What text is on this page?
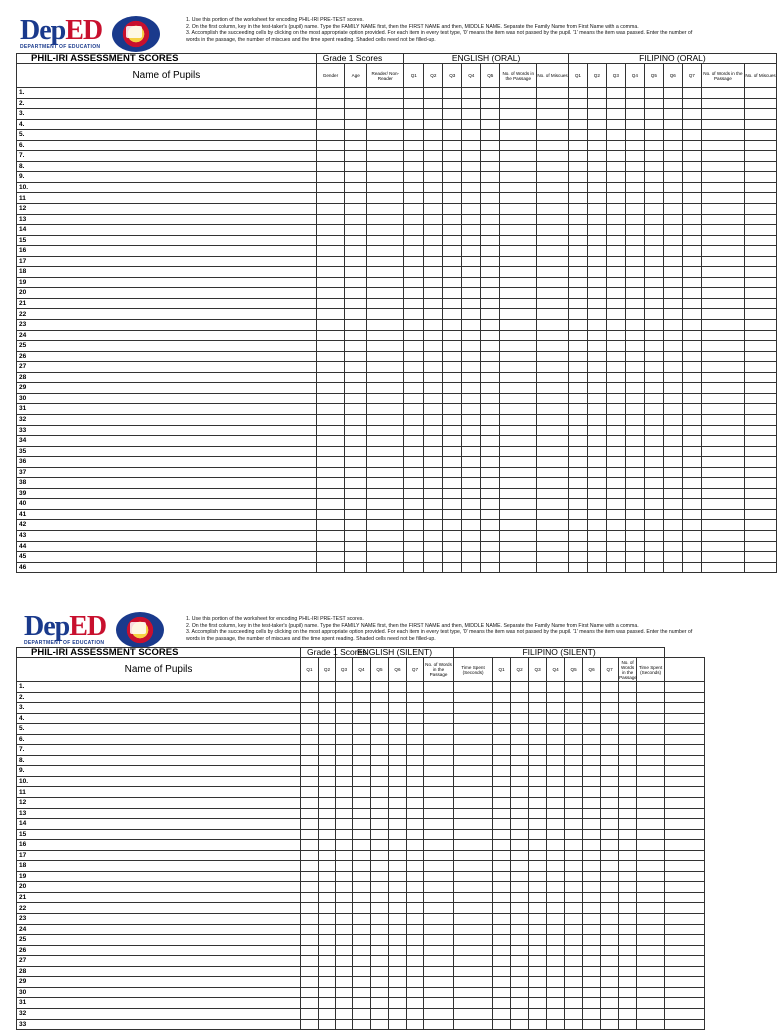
DepED
DEPARTMENT OF EDUCATION
1. Use this portion of the worksheet for encoding PHIL-IRI PRE-TEST scores.
2. On the first column, key in the test-taker's (pupil) name. Type the FAMILY NAME first, then the FIRST NAME and then, MIDDLE NAME. Separate the Family Name from First Name with a comma.
3. Accomplish the succeeding cells by clicking on the most appropriate option provided. For each item in every test type, '0' means the item was not passed by the pupil. '1' means the item was passed. Enter the number of
words in the passage, the number of miscues and the time spent reading. Shaded cells need not be filled-up.
PHIL-IRI ASSESSMENT SCORES	Grade 1 Scores			ENGLISH (ORAL)							FILIPINO (ORAL)								
Name of Pupils	Gender	Age	Reader/ Non-Reader	Q1	Q2	Q3	Q4	Q5	No. of Words in the Passage	No. of Miscues	Q1	Q2	Q3	Q4	Q5	Q6	Q7	No. of Words in the Passage	No. of Miscues
1.																			
2.																			
3.																			
4.																			
5.																			
6.																			
7.																			
8.																			
9.																			
10.																			
11																			
12																			
13																			
14																			
15																			
16																			
17																			
18																			
19																			
20																			
21																			
22																			
23																			
24																			
25																			
26																			
27																			
28																			
29																			
30																			
31																			
32																			
33																			
34																			
35																			
36																			
37																			
38																			
39																			
40																			
41																			
42																			
43																			
44																			
45																			
46																			
DepED
DEPARTMENT OF EDUCATION
1. Use this portion of the worksheet for encoding PHIL-IRI PRE-TEST scores.
2. On the first column, key in the test-taker's (pupil) name. Type the FAMILY NAME first, then the FIRST NAME and then, MIDDLE NAME. Separate the Family Name from First Name with a comma.
3. Accomplish the succeeding cells by clicking on the most appropriate option provided. For each item in every test type, '0' means the item was not passed by the pupil. '1' means the item was passed. Enter the number of
words in the passage, the number of miscues and the time spent reading. Shaded cells need not be filled-up.
PHIL-IRI ASSESSMENT SCORES	Grade 1 Scores		ENGLISH (SILENT)						FILIPINO (SILENT)										
Name of Pupils	Q1	Q2	Q3	Q4	Q5	Q6	Q7	No. of Words in the Passage	Time Spent (Seconds)	Q1	Q2	Q3	Q4	Q5	Q6	Q7	No. of Words in the Passage	Time Spent (Seconds)	
1.																			
2.																			
3.																			
4.																			
5.																			
6.																			
7.																			
8.																			
9.																			
10.																			
11																			
12																			
13																			
14																			
15																			
16																			
17																			
18																			
19																			
20																			
21																			
22																			
23																			
24																			
25																			
26																			
27																			
28																			
29																			
30																			
31																			
32																			
33																			
